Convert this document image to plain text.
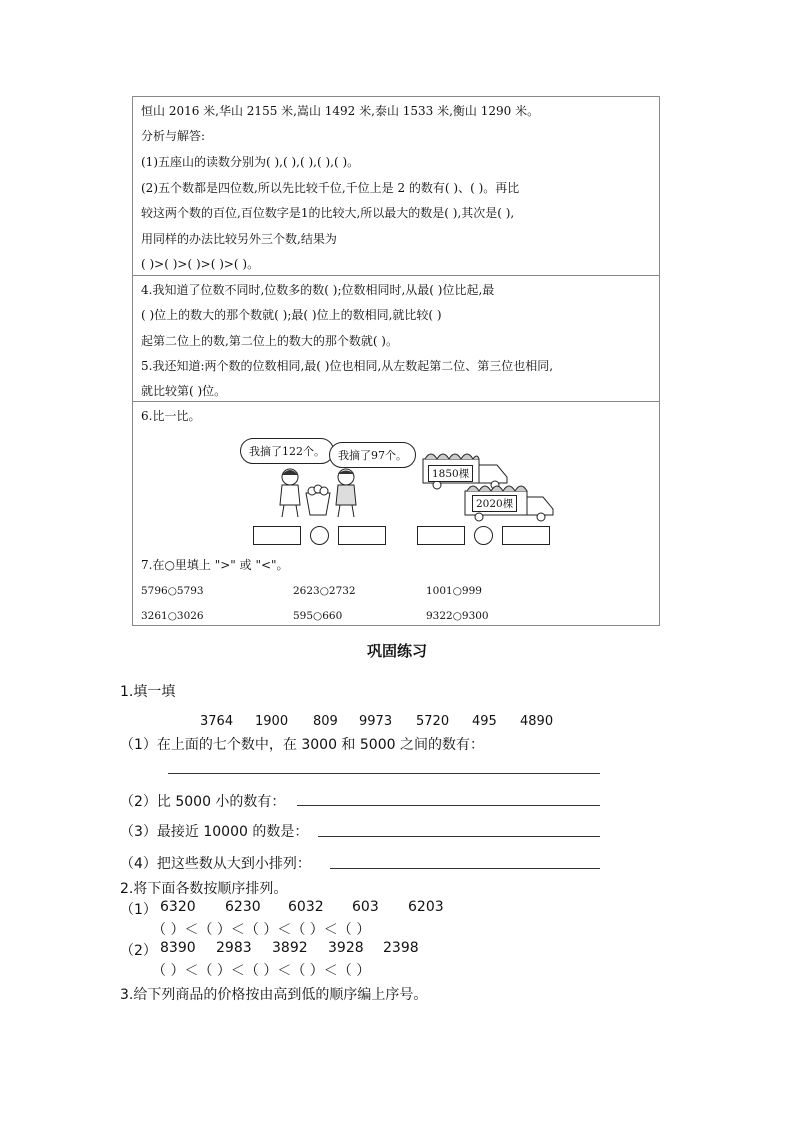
恒山 2016 米,华山 2155 米,嵩山 1492 米,泰山 1533 米,衡山 1290 米。
分析与解答:
(1)五座山的读数分别为( ),( ),( ),( ),( )。
(2)五个数都是四位数,所以先比较千位,千位上是 2 的数有( )、( )。再比
较这两个数的百位,百位数字是1的比较大,所以最大的数是( ),其次是( ),
用同样的办法比较另外三个数,结果为
( )>( )>( )>( )>( )。
4.我知道了位数不同时,位数多的数( );位数相同时,从最( )位比起,最
( )位上的数大的那个数就( );最( )位上的数相同,就比较( )
起第二位上的数,第二位上的数大的那个数就( )。
5.我还知道:两个数的位数相同,最( )位也相同,从左数起第二位、第三位也相同,
就比较第( )位。
6.比一比。
我摘了122个。	我摘了97个。
1850棵
2020棵
7.在○里填上 ">" 或 "<"。
5796○5793	2623○2732	1001○999
3261○3026	595○660	9322○9300
巩固练习
1.填一填
3764 1900 809 9973 5720 495 4890
（1）在上面的七个数中，在 3000 和 5000 之间的数有：
（2）比 5000 小的数有：
（3）最接近 10000 的数是：
（4）把这些数从大到小排列：
2.将下面各数按顺序排列。
（1） 6320 6230 6032 603 6203
（ ）＜（ ）＜（ ）＜（ ）＜（ ）
（2） 8390 2983 3892 3928 2398
（ ）＜（ ）＜（ ）＜（ ）＜（ ）
3.给下列商品的价格按由高到低的顺序编上序号。
